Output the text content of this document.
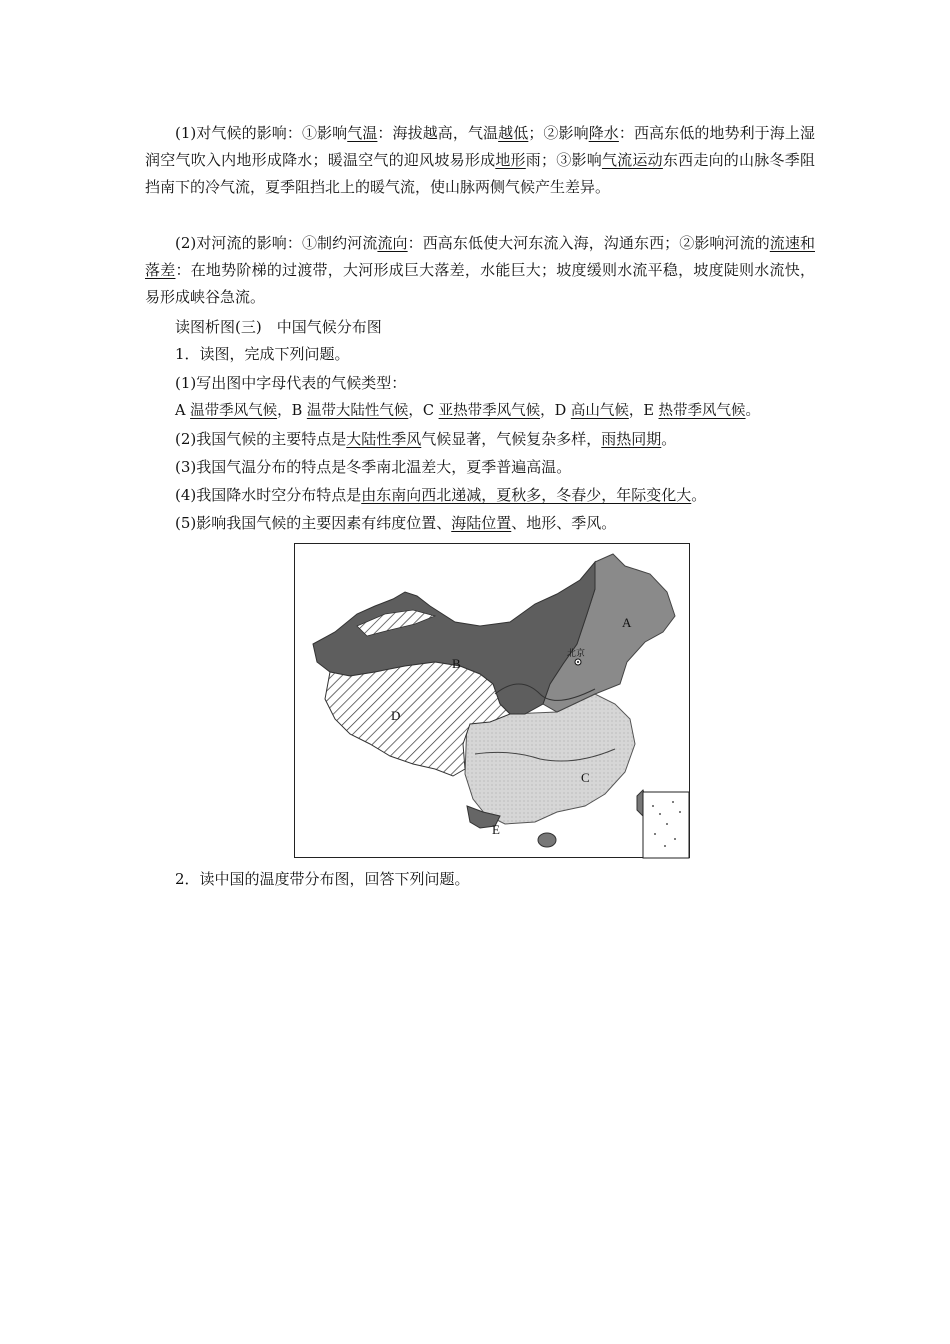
(1)对气候的影响：①影响气温：海拔越高，气温越低；②影响降水：西高东低的地势利于海上湿润空气吹入内地形成降水；暖温空气的迎风坡易形成地形雨；③影响气流运动东西走向的山脉冬季阻挡南下的冷气流，夏季阻挡北上的暖气流，使山脉两侧气候产生差异。

(2)对河流的影响：①制约河流流向：西高东低使大河东流入海，沟通东西；②影响河流的流速和落差：在地势阶梯的过渡带，大河形成巨大落差，水能巨大；坡度缓则水流平稳，坡度陡则水流快，易形成峡谷急流。

读图析图(三)　中国气候分布图
1．读图，完成下列问题。
(1)写出图中字母代表的气候类型：
A 温带季风气候，B 温带大陆性气候，C 亚热带季风气候，D 高山气候，E 热带季风气候。
(2)我国气候的主要特点是大陆性季风气候显著，气候复杂多样，雨热同期。
(3)我国气温分布的特点是冬季南北温差大，夏季普遍高温。
(4)我国降水时空分布特点是由东南向西北递减，夏秋多，冬春少，年际变化大。
(5)影响我国气候的主要因素有纬度位置、海陆位置、地形、季风。
A
B
C
D
E
北京
2．读中国的温度带分布图，回答下列问题。
